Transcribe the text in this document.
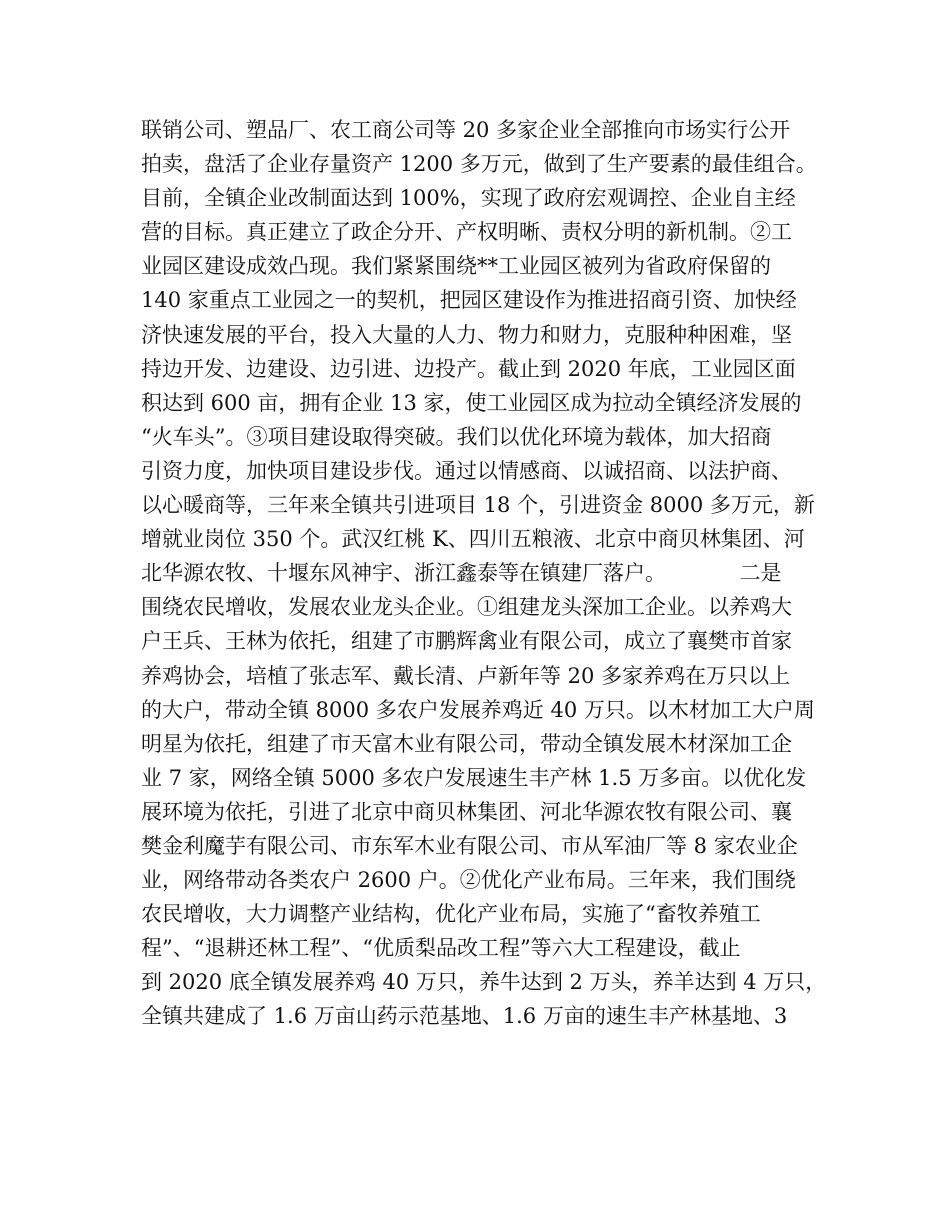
联销公司、塑品厂、农工商公司等 20 多家企业全部推向市场实行公开
拍卖，盘活了企业存量资产 1200 多万元，做到了生产要素的最佳组合。
目前，全镇企业改制面达到 100%，实现了政府宏观调控、企业自主经
营的目标。真正建立了政企分开、产权明晰、责权分明的新机制。②工
业园区建设成效凸现。我们紧紧围绕**工业园区被列为省政府保留的
140 家重点工业园之一的契机，把园区建设作为推进招商引资、加快经
济快速发展的平台，投入大量的人力、物力和财力，克服种种困难，坚
持边开发、边建设、边引进、边投产。截止到 2020 年底，工业园区面
积达到 600 亩，拥有企业 13 家，使工业园区成为拉动全镇经济发展的
“火车头”。③项目建设取得突破。我们以优化环境为载体，加大招商
引资力度，加快项目建设步伐。通过以情感商、以诚招商、以法护商、
以心暖商等，三年来全镇共引进项目 18 个，引进资金 8000 多万元，新
增就业岗位 350 个。武汉红桃 K、四川五粮液、北京中商贝林集团、河
北华源农牧、十堰东风神宇、浙江鑫泰等在镇建厂落户。　　　　二是
围绕农民增收，发展农业龙头企业。①组建龙头深加工企业。以养鸡大
户王兵、王林为依托，组建了市鹏辉禽业有限公司，成立了襄樊市首家
养鸡协会，培植了张志军、戴长清、卢新年等 20 多家养鸡在万只以上
的大户，带动全镇 8000 多农户发展养鸡近 40 万只。以木材加工大户周
明星为依托，组建了市天富木业有限公司，带动全镇发展木材深加工企
业 7 家，网络全镇 5000 多农户发展速生丰产林 1.5 万多亩。以优化发
展环境为依托，引进了北京中商贝林集团、河北华源农牧有限公司、襄
樊金利魔芋有限公司、市东军木业有限公司、市从军油厂等 8 家农业企
业，网络带动各类农户 2600 户。②优化产业布局。三年来，我们围绕
农民增收，大力调整产业结构，优化产业布局，实施了“畜牧养殖工
程”、“退耕还林工程”、“优质梨品改工程”等六大工程建设，截止
到 2020 底全镇发展养鸡 40 万只，养牛达到 2 万头，养羊达到 4 万只，
全镇共建成了 1.6 万亩山药示范基地、1.6 万亩的速生丰产林基地、3
